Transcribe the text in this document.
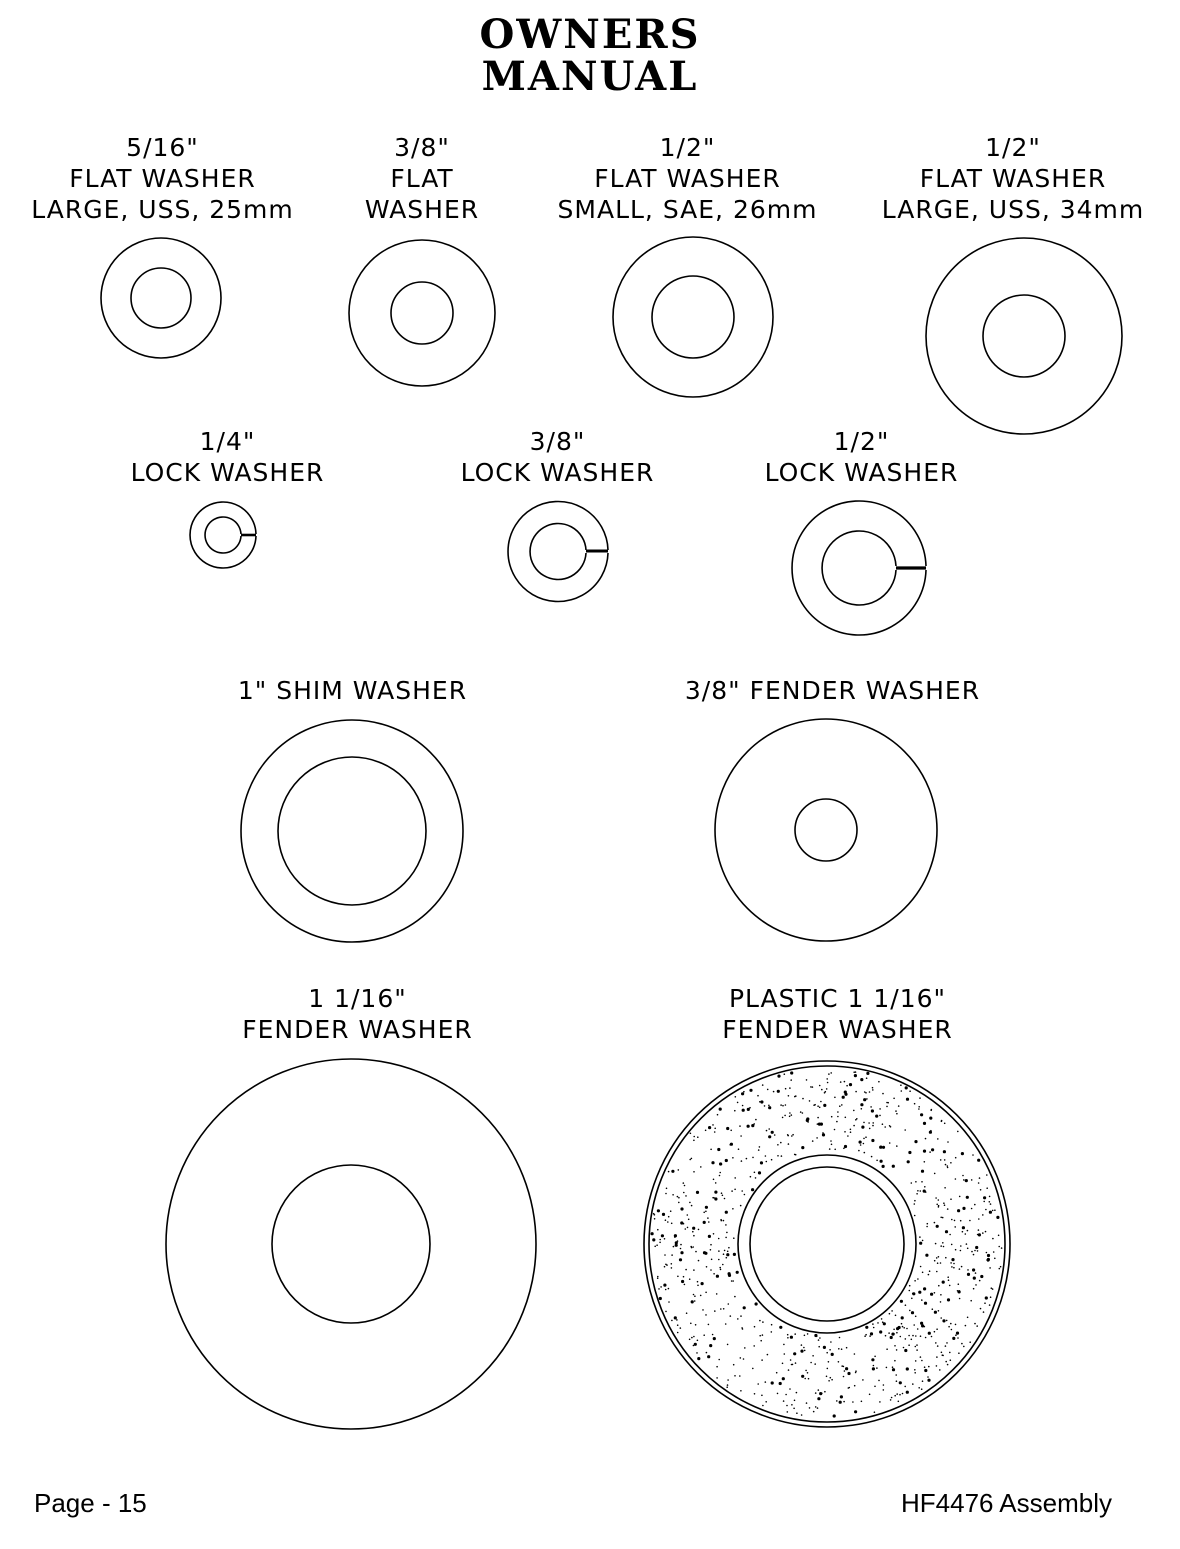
OWNERS
MANUAL
5/16"
FLAT WASHER
LARGE, USS, 25mm
3/8"
FLAT
WASHER
1/2"
FLAT WASHER
SMALL, SAE, 26mm
1/2"
FLAT WASHER
LARGE, USS, 34mm
1/4"
LOCK WASHER
3/8"
LOCK WASHER
1/2"
LOCK WASHER
1" SHIM WASHER	3/8" FENDER WASHER
1 1/16"
FENDER WASHER
PLASTIC 1 1/16"
FENDER WASHER
Page - 15	HF4476 Assembly
